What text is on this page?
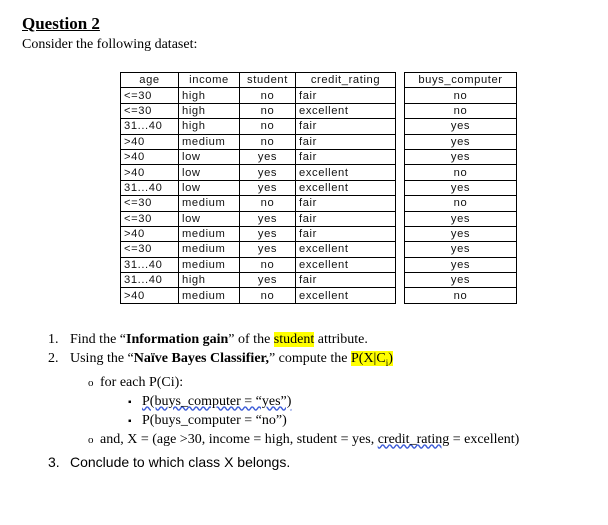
Question 2
Consider the following dataset:
age	income	student	credit_rating		buys_computer
<=30	high	no	fair		no
<=30	high	no	excellent		no
31...40	high	no	fair		yes
>40	medium	no	fair		yes
>40	low	yes	fair		yes
>40	low	yes	excellent		no
31...40	low	yes	excellent		yes
<=30	medium	no	fair		no
<=30	low	yes	fair		yes
>40	medium	yes	fair		yes
<=30	medium	yes	excellent		yes
31...40	medium	no	excellent		yes
31...40	high	yes	fair		yes
>40	medium	no	excellent		no
1. Find the “Information gain” of the student attribute.
2. Using the “Naïve Bayes Classifier,” compute the $P(X|C_i)$
o for each P(Ci):
▪ P(buys_computer = “yes”)
▪ P(buys_computer = “no”)
o and, X = (age >30, income = high, student = yes, credit_rating = excellent)
3. Conclude to which class X belongs.
